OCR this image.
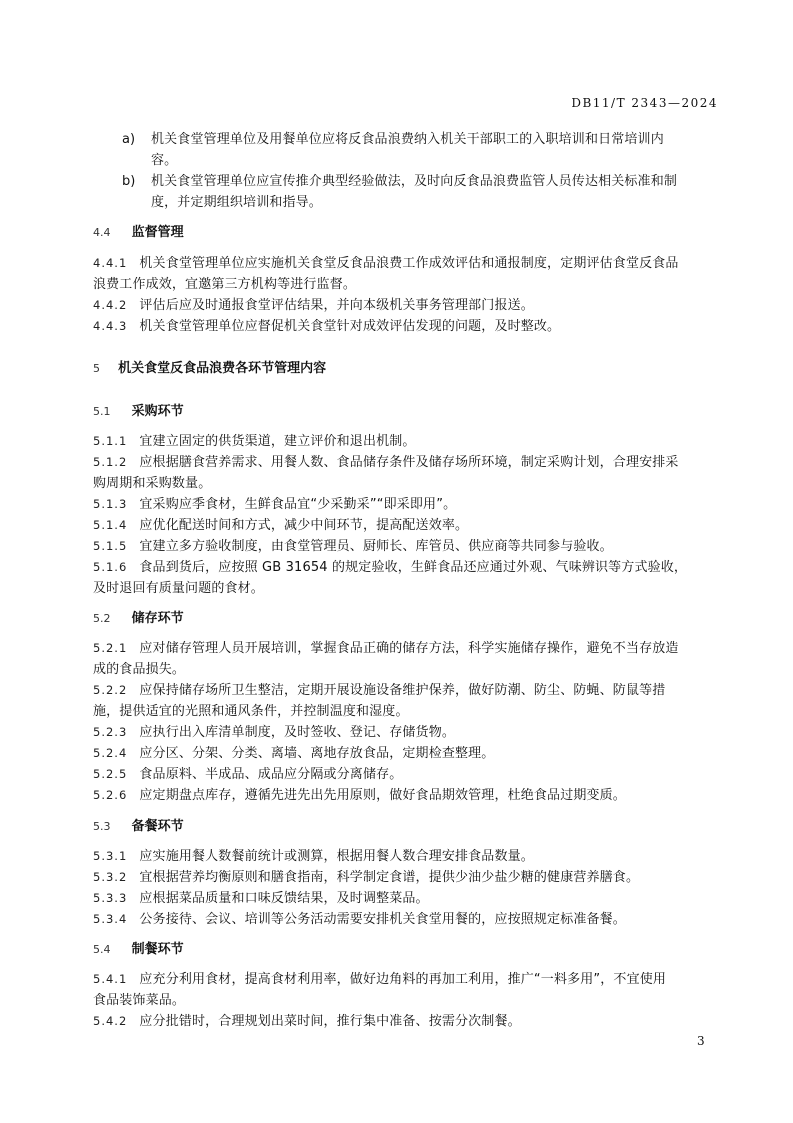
DB11/T 2343—2024
a) 机关食堂管理单位及用餐单位应将反食品浪费纳入机关干部职工的入职培训和日常培训内
容。
b) 机关食堂管理单位应宣传推介典型经验做法，及时向反食品浪费监管人员传达相关标准和制
度，并定期组织培训和指导。
4.4 监督管理
4.4.1 机关食堂管理单位应实施机关食堂反食品浪费工作成效评估和通报制度，定期评估食堂反食品
浪费工作成效，宜邀第三方机构等进行监督。
4.4.2 评估后应及时通报食堂评估结果，并向本级机关事务管理部门报送。
4.4.3 机关食堂管理单位应督促机关食堂针对成效评估发现的问题，及时整改。
5 机关食堂反食品浪费各环节管理内容
5.1 采购环节
5.1.1 宜建立固定的供货渠道，建立评价和退出机制。
5.1.2 应根据膳食营养需求、用餐人数、食品储存条件及储存场所环境，制定采购计划，合理安排采
购周期和采购数量。
5.1.3 宜采购应季食材，生鲜食品宜“少采勤采”“即采即用”。
5.1.4 应优化配送时间和方式，减少中间环节，提高配送效率。
5.1.5 宜建立多方验收制度，由食堂管理员、厨师长、库管员、供应商等共同参与验收。
5.1.6 食品到货后，应按照 GB 31654 的规定验收，生鲜食品还应通过外观、气味辨识等方式验收，
及时退回有质量问题的食材。
5.2 储存环节
5.2.1 应对储存管理人员开展培训，掌握食品正确的储存方法，科学实施储存操作，避免不当存放造
成的食品损失。
5.2.2 应保持储存场所卫生整洁，定期开展设施设备维护保养，做好防潮、防尘、防蝇、防鼠等措
施，提供适宜的光照和通风条件，并控制温度和湿度。
5.2.3 应执行出入库清单制度，及时签收、登记、存储货物。
5.2.4 应分区、分架、分类、离墙、离地存放食品，定期检查整理。
5.2.5 食品原料、半成品、成品应分隔或分离储存。
5.2.6 应定期盘点库存，遵循先进先出先用原则，做好食品期效管理，杜绝食品过期变质。
5.3 备餐环节
5.3.1 应实施用餐人数餐前统计或测算，根据用餐人数合理安排食品数量。
5.3.2 宜根据营养均衡原则和膳食指南，科学制定食谱，提供少油少盐少糖的健康营养膳食。
5.3.3 应根据菜品质量和口味反馈结果，及时调整菜品。
5.3.4 公务接待、会议、培训等公务活动需要安排机关食堂用餐的，应按照规定标准备餐。
5.4 制餐环节
5.4.1 应充分利用食材，提高食材利用率，做好边角料的再加工利用，推广“一料多用”，不宜使用
食品装饰菜品。
5.4.2 应分批错时，合理规划出菜时间，推行集中准备、按需分次制餐。
3
